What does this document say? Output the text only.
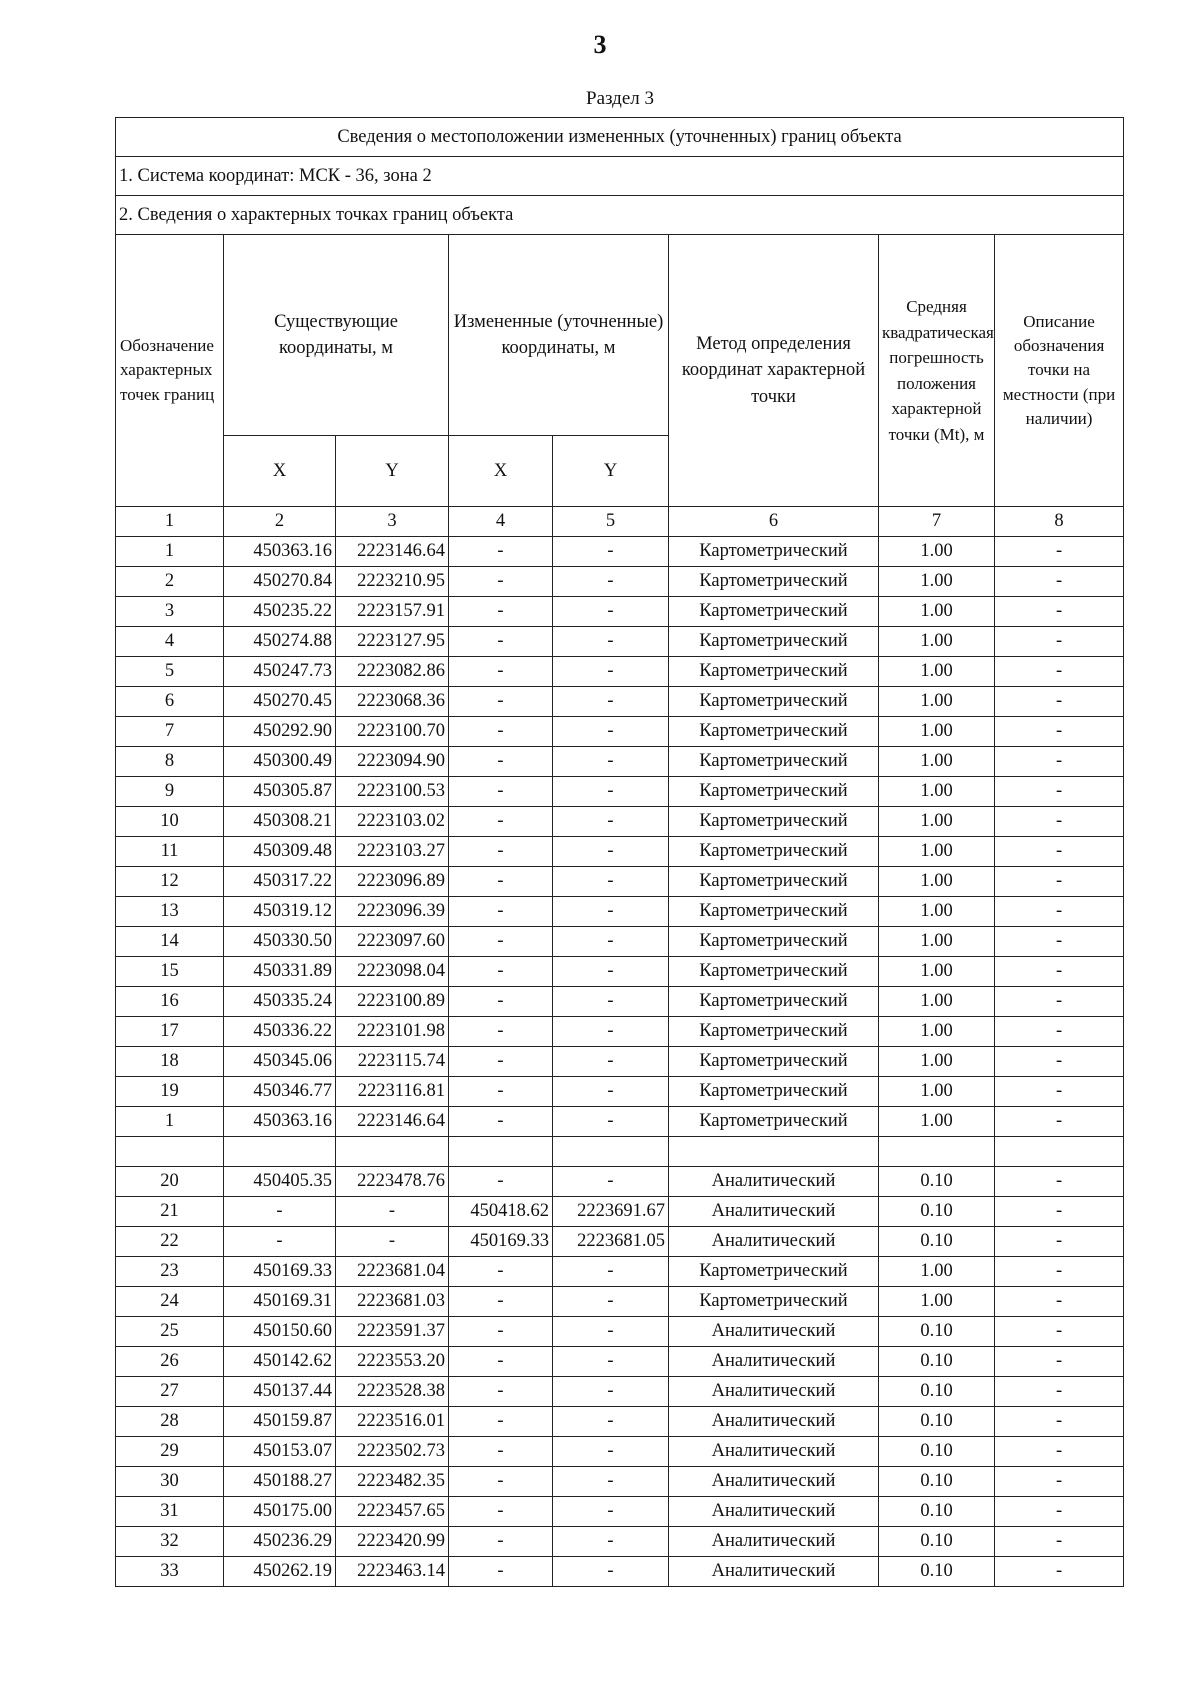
3
Раздел 3
Сведения о местоположении измененных (уточненных) границ объекта							
1. Система координат: МСК - 36, зона 2							
2. Сведения о характерных точках границ объекта							
Обозначение характерных точек границ	Существующие координаты, м		Измененные (уточненные) координаты, м		Метод определения координат характерной точки	Средняя квадратическая погрешность положения характерной точки (Mt), м	Описание обозначения точки на местности (при наличии)
	X	Y	X	Y			
1	2	3	4	5	6	7	8
1	450363.16	2223146.64	-	-	Картометрический	1.00	-
2	450270.84	2223210.95	-	-	Картометрический	1.00	-
3	450235.22	2223157.91	-	-	Картометрический	1.00	-
4	450274.88	2223127.95	-	-	Картометрический	1.00	-
5	450247.73	2223082.86	-	-	Картометрический	1.00	-
6	450270.45	2223068.36	-	-	Картометрический	1.00	-
7	450292.90	2223100.70	-	-	Картометрический	1.00	-
8	450300.49	2223094.90	-	-	Картометрический	1.00	-
9	450305.87	2223100.53	-	-	Картометрический	1.00	-
10	450308.21	2223103.02	-	-	Картометрический	1.00	-
11	450309.48	2223103.27	-	-	Картометрический	1.00	-
12	450317.22	2223096.89	-	-	Картометрический	1.00	-
13	450319.12	2223096.39	-	-	Картометрический	1.00	-
14	450330.50	2223097.60	-	-	Картометрический	1.00	-
15	450331.89	2223098.04	-	-	Картометрический	1.00	-
16	450335.24	2223100.89	-	-	Картометрический	1.00	-
17	450336.22	2223101.98	-	-	Картометрический	1.00	-
18	450345.06	2223115.74	-	-	Картометрический	1.00	-
19	450346.77	2223116.81	-	-	Картометрический	1.00	-
1	450363.16	2223146.64	-	-	Картометрический	1.00	-

20	450405.35	2223478.76	-	-	Аналитический	0.10	-
21	-	-	450418.62	2223691.67	Аналитический	0.10	-
22	-	-	450169.33	2223681.05	Аналитический	0.10	-
23	450169.33	2223681.04	-	-	Картометрический	1.00	-
24	450169.31	2223681.03	-	-	Картометрический	1.00	-
25	450150.60	2223591.37	-	-	Аналитический	0.10	-
26	450142.62	2223553.20	-	-	Аналитический	0.10	-
27	450137.44	2223528.38	-	-	Аналитический	0.10	-
28	450159.87	2223516.01	-	-	Аналитический	0.10	-
29	450153.07	2223502.73	-	-	Аналитический	0.10	-
30	450188.27	2223482.35	-	-	Аналитический	0.10	-
31	450175.00	2223457.65	-	-	Аналитический	0.10	-
32	450236.29	2223420.99	-	-	Аналитический	0.10	-
33	450262.19	2223463.14	-	-	Аналитический	0.10	-
